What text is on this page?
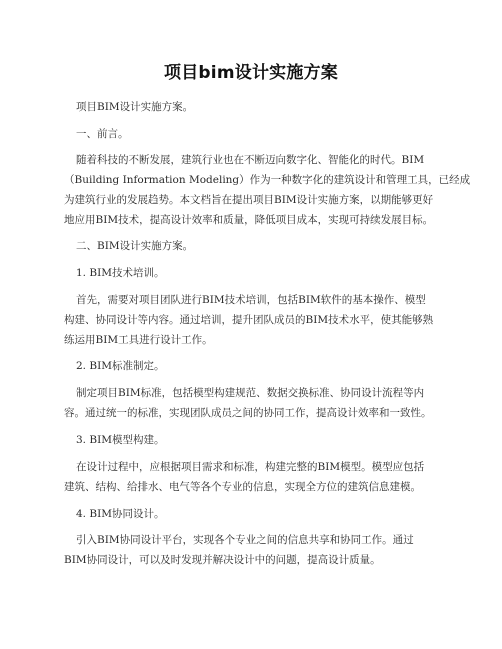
项目bim设计实施方案
项目BIM设计实施方案。
一、前言。
随着科技的不断发展，建筑行业也在不断迈向数字化、智能化的时代。BIM
（Building Information Modeling）作为一种数字化的建筑设计和管理工具，已经成
为建筑行业的发展趋势。本文档旨在提出项目BIM设计实施方案，以期能够更好
地应用BIM技术，提高设计效率和质量，降低项目成本，实现可持续发展目标。
二、BIM设计实施方案。
1. BIM技术培训。
首先，需要对项目团队进行BIM技术培训，包括BIM软件的基本操作、模型
构建、协同设计等内容。通过培训，提升团队成员的BIM技术水平，使其能够熟
练运用BIM工具进行设计工作。
2. BIM标准制定。
制定项目BIM标准，包括模型构建规范、数据交换标准、协同设计流程等内
容。通过统一的标准，实现团队成员之间的协同工作，提高设计效率和一致性。
3. BIM模型构建。
在设计过程中，应根据项目需求和标准，构建完整的BIM模型。模型应包括
建筑、结构、给排水、电气等各个专业的信息，实现全方位的建筑信息建模。
4. BIM协同设计。
引入BIM协同设计平台，实现各个专业之间的信息共享和协同工作。通过
BIM协同设计，可以及时发现并解决设计中的问题，提高设计质量。
